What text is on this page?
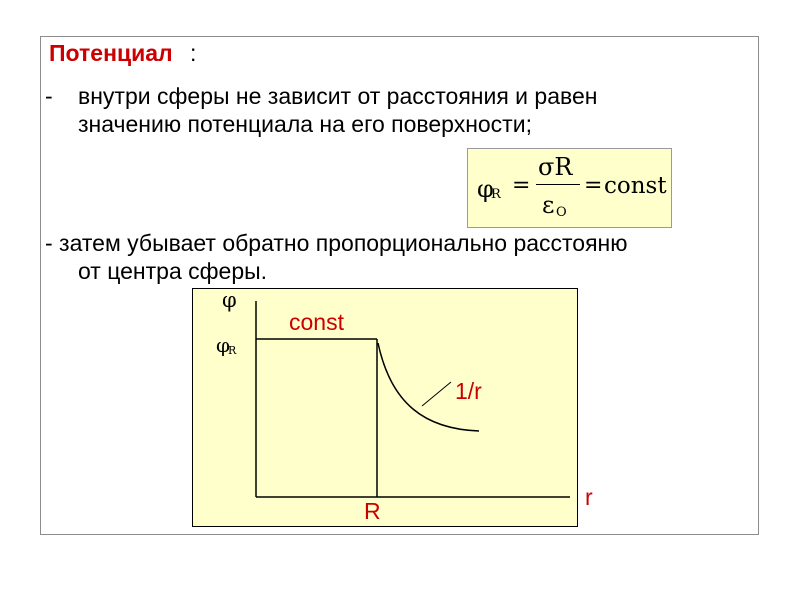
Потенциал :
- внутри сферы не зависит от расстояния и равен
значению потенциала на его поверхности;
φ
R =
σR
ε O
= const
- затем убывает обратно пропорционально расстояню
φ
φ
R
const
1/r
r
R
от центра сферы.
